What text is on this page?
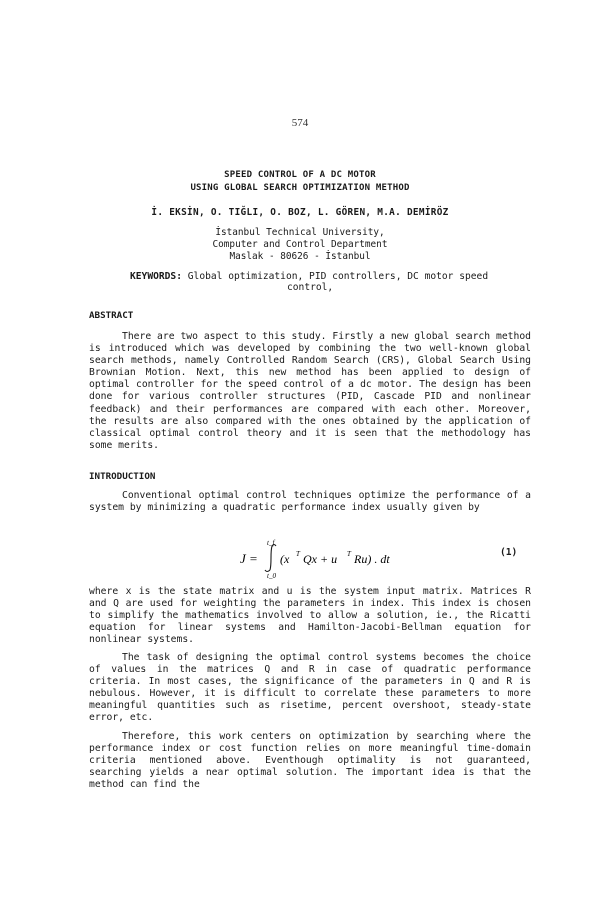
574
SPEED CONTROL OF A DC MOTOR
USING GLOBAL SEARCH OPTIMIZATION METHOD
İ. EKSİN, O. TIĞLI, O. BOZ, L. GÖREN, M.A. DEMİRÖZ
İstanbul Technical University,
Computer and Control Department
Maslak - 80626 - İstanbul
KEYWORDS: Global optimization, PID controllers, DC motor speed
control,
ABSTRACT
There are two aspect to this study. Firstly a new global search method is introduced which was developed by combining the two well-known global search methods, namely Controlled Random Search (CRS), Global Search Using Brownian Motion. Next, this new method has been applied to design of optimal controller for the speed control of a dc motor. The design has been done for various controller structures (PID, Cascade PID and nonlinear feedback) and their performances are compared with each other. Moreover, the results are also compared with the ones obtained by the application of classical optimal control theory and it is seen that the methodology has some merits.
INTRODUCTION
Conventional optimal control techniques optimize the performance of a system by minimizing a quadratic performance index usually given by
J =
t_f
t_0
(x T Qx + u T Ru) . dt	(1)
where x is the state matrix and u is the system input matrix. Matrices R and Q are used for weighting the parameters in index. This index is chosen to simplify the mathematics involved to allow a solution, ie., the Ricatti equation for linear systems and Hamilton-Jacobi-Bellman equation for nonlinear systems.
The task of designing the optimal control systems becomes the choice of values in the matrices Q and R in case of quadratic performance criteria. In most cases, the significance of the parameters in Q and R is nebulous. However, it is difficult to correlate these parameters to more meaningful quantities such as risetime, percent overshoot, steady-state error, etc.
Therefore, this work centers on optimization by searching where the performance index or cost function relies on more meaningful time-domain criteria mentioned above. Eventhough optimality is not guaranteed, searching yields a near optimal solution. The important idea is that the method can find the
